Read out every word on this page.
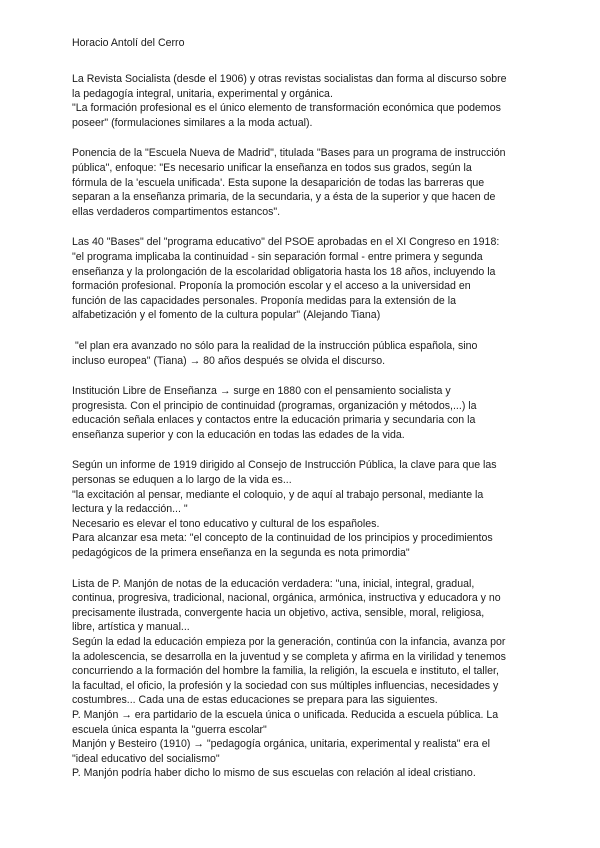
Horacio Antolí del Cerro
La Revista Socialista (desde el 1906) y otras revistas socialistas dan forma al discurso sobre
la pedagogía integral, unitaria, experimental y orgánica.
"La formación profesional es el único elemento de transformación económica que podemos
poseer" (formulaciones similares a la moda actual).
Ponencia de la "Escuela Nueva de Madrid", titulada "Bases para un programa de instrucción
pública", enfoque: "Es necesario unificar la enseñanza en todos sus grados, según la
fórmula de la 'escuela unificada'. Esta supone la desaparición de todas las barreras que
separan a la enseñanza primaria, de la secundaria, y a ésta de la superior y que hacen de
ellas verdaderos compartimentos estancos".
Las 40 "Bases" del "programa educativo" del PSOE aprobadas en el XI Congreso en 1918:
"el programa implicaba la continuidad - sin separación formal - entre primera y segunda
enseñanza y la prolongación de la escolaridad obligatoria hasta los 18 años, incluyendo la
formación profesional. Proponía la promoción escolar y el acceso a la universidad en
función de las capacidades personales. Proponía medidas para la extensión de la
alfabetización y el fomento de la cultura popular" (Alejando Tiana)
"el plan era avanzado no sólo para la realidad de la instrucción pública española, sino
incluso europea" (Tiana) → 80 años después se olvida el discurso.
Institución Libre de Enseñanza → surge en 1880 con el pensamiento socialista y
progresista. Con el principio de continuidad (programas, organización y métodos,...) la
educación señala enlaces y contactos entre la educación primaria y secundaria con la
enseñanza superior y con la educación en todas las edades de la vida.
Según un informe de 1919 dirigido al Consejo de Instrucción Pública, la clave para que las
personas se eduquen a lo largo de la vida es...
"la excitación al pensar, mediante el coloquio, y de aquí al trabajo personal, mediante la
lectura y la redacción... "
Necesario es elevar el tono educativo y cultural de los españoles.
Para alcanzar esa meta: "el concepto de la continuidad de los principios y procedimientos
pedagógicos de la primera enseñanza en la segunda es nota primordia"
Lista de P. Manjón de notas de la educación verdadera: "una, inicial, integral, gradual,
continua, progresiva, tradicional, nacional, orgánica, armónica, instructiva y educadora y no
precisamente ilustrada, convergente hacia un objetivo, activa, sensible, moral, religiosa,
libre, artística y manual...
Según la edad la educación empieza por la generación, continúa con la infancia, avanza por
la adolescencia, se desarrolla en la juventud y se completa y afirma en la virilidad y tenemos
concurriendo a la formación del hombre la familia, la religión, la escuela e instituto, el taller,
la facultad, el oficio, la profesión y la sociedad con sus múltiples influencias, necesidades y
costumbres... Cada una de estas educaciones se prepara para las siguientes.
P. Manjón → era partidario de la escuela única o unificada. Reducida a escuela pública. La
escuela única espanta la "guerra escolar"
Manjón y Besteiro (1910) → "pedagogía orgánica, unitaria, experimental y realista" era el
"ideal educativo del socialismo"
P. Manjón podría haber dicho lo mismo de sus escuelas con relación al ideal cristiano.
